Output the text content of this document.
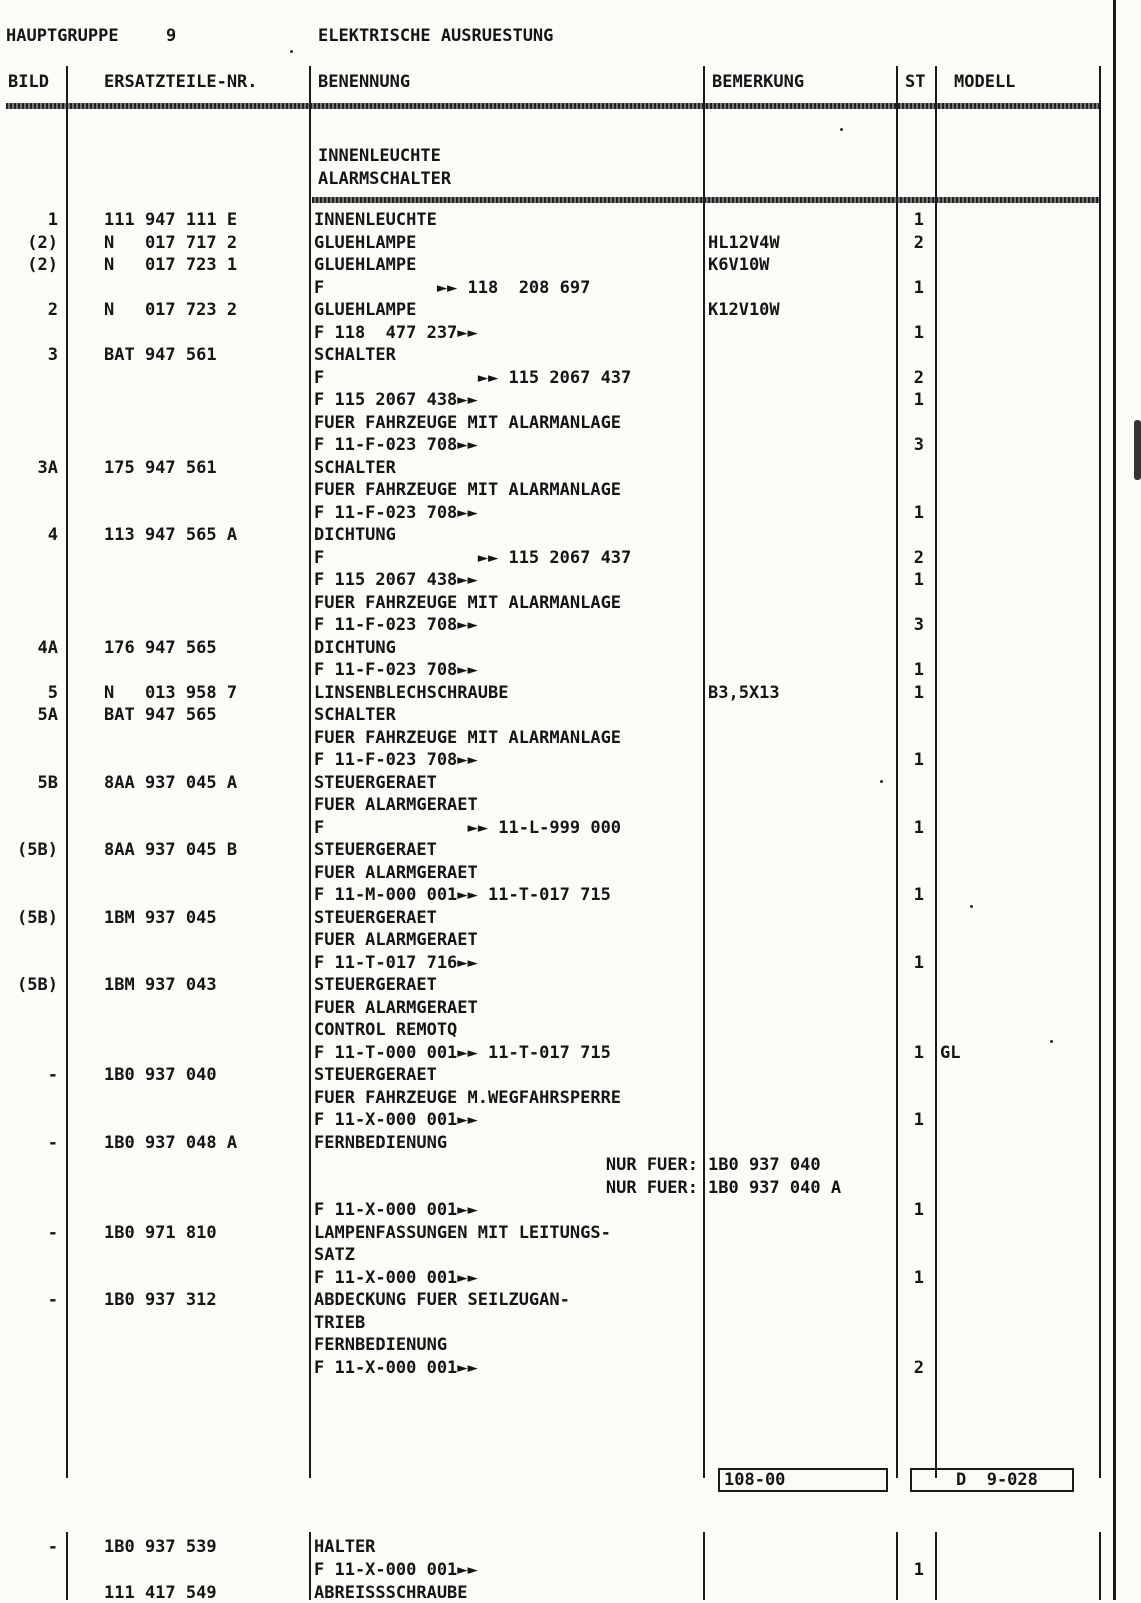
HAUPTGRUPPE	9	ELEKTRISCHE AUSRUESTUNG
BILD	ERSATZTEILE-NR.	BENENNUNG	BEMERKUNG	ST MODELL
INNENLEUCHTE
ALARMSCHALTER
1	111 947 111 E	INNENLEUCHTE	1
(2)	N   017 717 2	GLUEHLAMPE	HL12V4W	2
(2)	N   017 723 1	GLUEHLAMPE	K6V10W
F           ►► 118  208 697	1
2	N   017 723 2	GLUEHLAMPE	K12V10W
F 118  477 237►►	1
3	BAT 947 561	SCHALTER
F               ►► 115 2067 437	2
F 115 2067 438►►	1
FUER FAHRZEUGE MIT ALARMANLAGE
F 11-F-023 708►►	3
3A	175 947 561	SCHALTER
FUER FAHRZEUGE MIT ALARMANLAGE
F 11-F-023 708►►	1
4	113 947 565 A	DICHTUNG
F               ►► 115 2067 437	2
F 115 2067 438►►	1
FUER FAHRZEUGE MIT ALARMANLAGE
F 11-F-023 708►►	3
4A	176 947 565	DICHTUNG
F 11-F-023 708►►	1
5	N   013 958 7	LINSENBLECHSCHRAUBE	B3,5X13	1
5A	BAT 947 565	SCHALTER
FUER FAHRZEUGE MIT ALARMANLAGE
F 11-F-023 708►►	1
5B	8AA 937 045 A	STEUERGERAET
FUER ALARMGERAET
F              ►► 11-L-999 000	1
(5B)	8AA 937 045 B	STEUERGERAET
FUER ALARMGERAET
F 11-M-000 001►► 11-T-017 715	1
(5B)	1BM 937 045	STEUERGERAET
FUER ALARMGERAET
F 11-T-017 716►►	1
(5B)	1BM 937 043	STEUERGERAET
FUER ALARMGERAET
CONTROL REMOTQ
F 11-T-000 001►► 11-T-017 715	1 GL
-	1B0 937 040	STEUERGERAET
FUER FAHRZEUGE M.WEGFAHRSPERRE
F 11-X-000 001►►	1
-	1B0 937 048 A	FERNBEDIENUNG
NUR FUER: 1B0 937 040
NUR FUER: 1B0 937 040 A
F 11-X-000 001►►	1
-	1B0 971 810	LAMPENFASSUNGEN MIT LEITUNGS-
SATZ
F 11-X-000 001►►	1
-	1B0 937 312	ABDECKUNG FUER SEILZUGAN-
TRIEB
FERNBEDIENUNG
F 11-X-000 001►►	2

108-00

	D  9-028

-	1B0 937 539	HALTER
F 11-X-000 001►►	1
111 417 549	ABREISSSCHRAUBE
